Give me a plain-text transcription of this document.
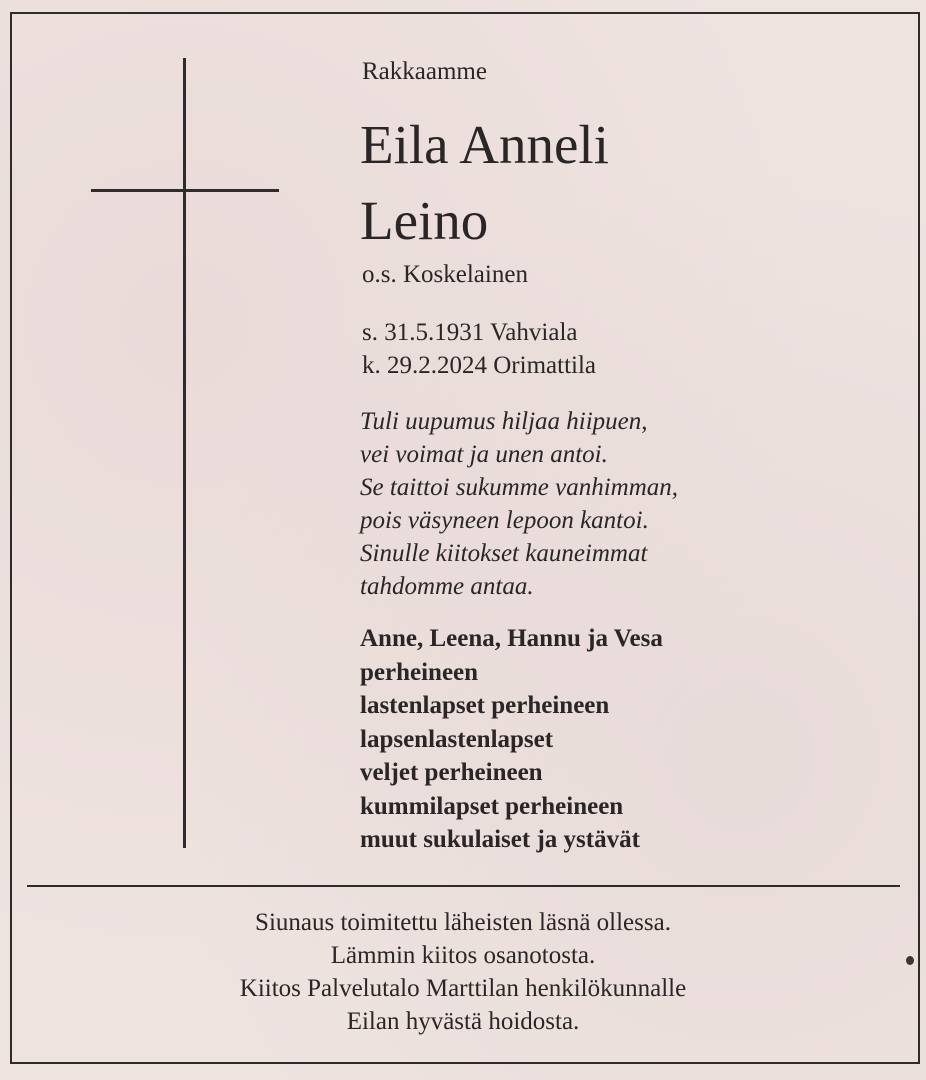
Rakkaamme

Eila Anneli
Leino

o.s. Koskelainen

s. 31.5.1931 Vahviala
k. 29.2.2024 Orimattila

Tuli uupumus hiljaa hiipuen,
vei voimat ja unen antoi.
Se taittoi sukumme vanhimman,
pois väsyneen lepoon kantoi.
Sinulle kiitokset kauneimmat
tahdomme antaa.

Anne, Leena, Hannu ja Vesa
perheineen
lastenlapset perheineen
lapsenlastenlapset
veljet perheineen
kummilapset perheineen
muut sukulaiset ja ystävät

Siunaus toimitettu läheisten läsnä ollessa.
Lämmin kiitos osanotosta.
Kiitos Palvelutalo Marttilan henkilökunnalle
Eilan hyvästä hoidosta.
